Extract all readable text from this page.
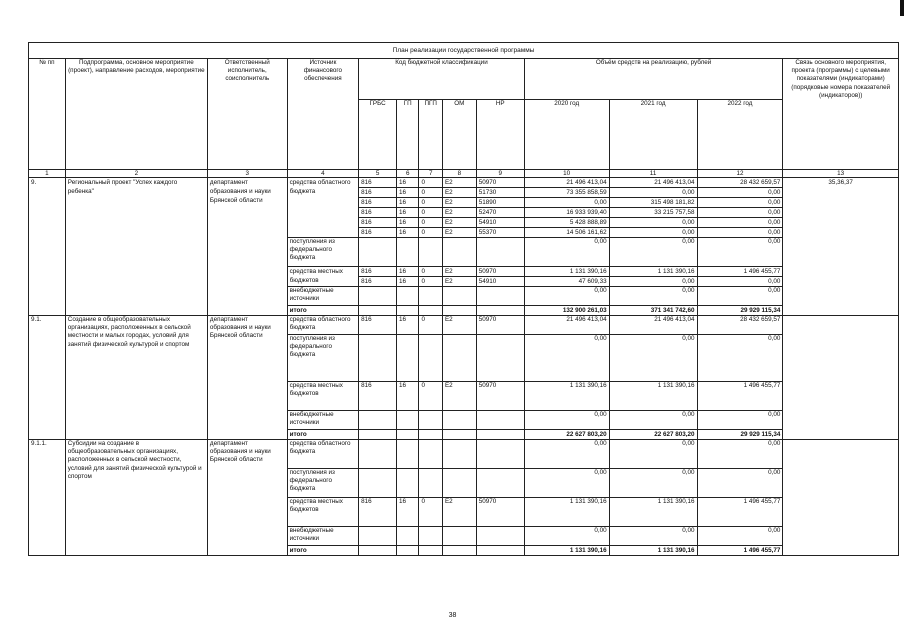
План реализации государственной программы
№ пп	Подпрограмма, основное мероприятие (проект), направление расходов, мероприятие	Ответственный исполнитель, соисполнитель	Источник финансового обеспечения	Код бюджетной классификации					Объём средств на реализацию, рублей			Связь основного мероприятия, проекта (программы) с целевыми показателями (индикаторами) (порядковые номера показателей (индикаторов))
				ГРБС	ГП	ПГП	ОМ	НР	2020 год	2021 год	2022 год	
1	2	3	4	5	6	7	8	9	10	11	12	13
9.	Региональный проект "Успех каждого ребенка"	департамент образования и науки Брянской области	средства областного бюджета	816	16	0	Е2	50970	21 496 413,04	21 496 413,04	28 432 659,57	35,36,37
				816	16	0	Е2	51730	73 355 858,59	0,00	0,00	
				816	16	0	Е2	51890	0,00	315 498 181,82	0,00	
				816	16	0	Е2	52470	16 933 939,40	33 215 757,58	0,00	
				816	16	0	Е2	54910	5 428 888,89	0,00	0,00	
				816	16	0	Е2	55370	14 506 161,62	0,00	0,00	
			поступления из федерального бюджета						0,00	0,00	0,00	
			средства местных бюджетов	816	16	0	Е2	50970	1 131 390,16	1 131 390,16	1 496 455,77	
				816	16	0	Е2	54910	47 609,33	0,00	0,00	
			внебюджетные источники						0,00	0,00	0,00	
			итого						132 900 261,03	371 341 742,60	29 929 115,34	
9.1.	Создание в общеобразовательных организациях, расположенных в сельской местности и малых городах, условий для занятий физической культурой и спортом	департамент образования и науки Брянской области	средства областного бюджета	816	16	0	Е2	50970	21 496 413,04	21 496 413,04	28 432 659,57	
			поступления из федерального бюджета						0,00	0,00	0,00	
			средства местных бюджетов	816	16	0	Е2	50970	1 131 390,16	1 131 390,16	1 496 455,77	
			внебюджетные источники						0,00	0,00	0,00	
			итого						22 627 803,20	22 627 803,20	29 929 115,34	
9.1.1.	Субсидии на создание в общеобразовательных организациях, расположенных в сельской местности, условий для занятий физической культурой и спортом	департамент образования и науки Брянской области	средства областного бюджета						0,00	0,00	0,00	
			поступления из федерального бюджета						0,00	0,00	0,00	
			средства местных бюджетов	816	16	0	Е2	50970	1 131 390,16	1 131 390,16	1 496 455,77	
			внебюджетные источники						0,00	0,00	0,00	
			итого						1 131 390,16	1 131 390,16	1 496 455,77	
38
